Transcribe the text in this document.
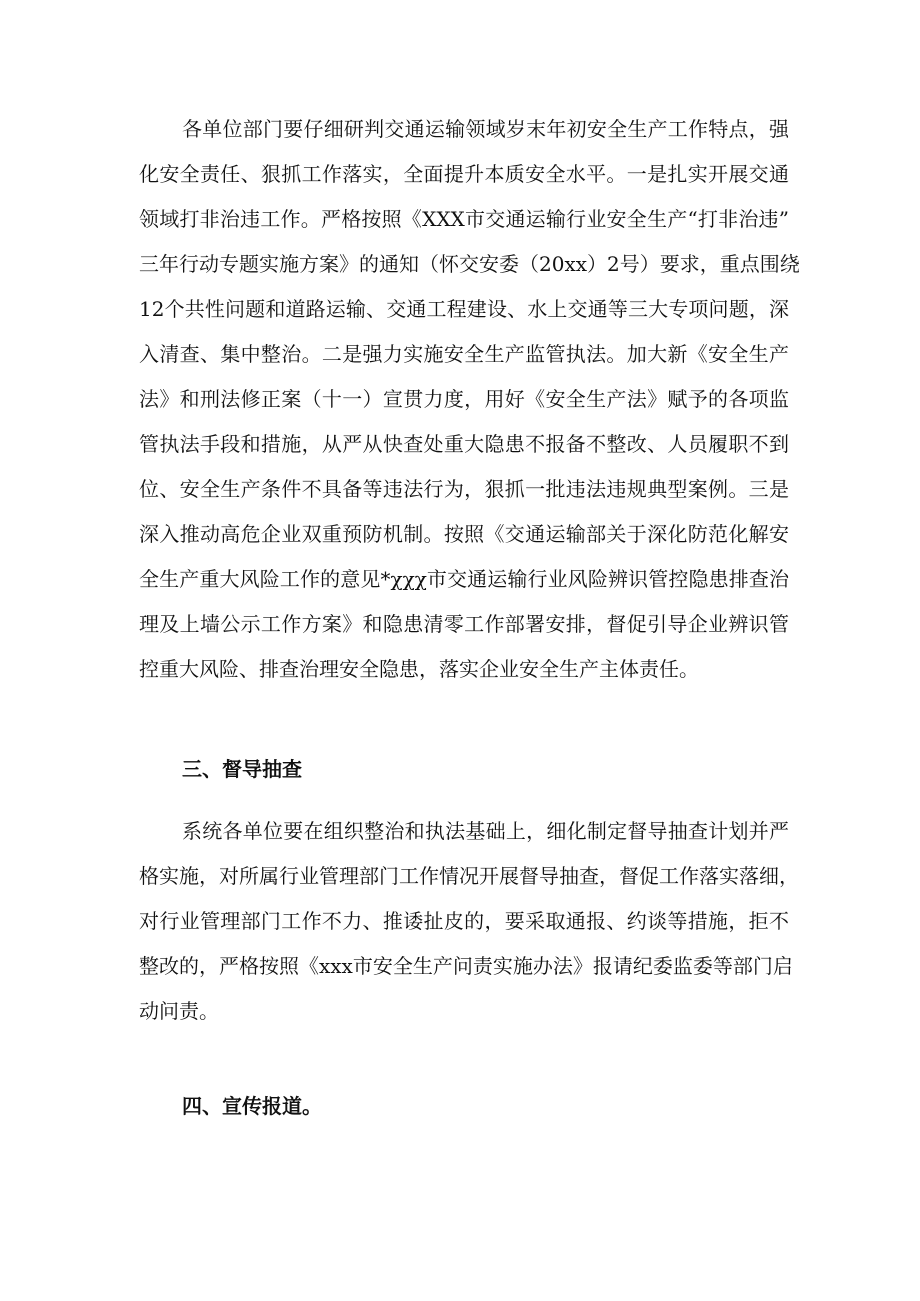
各单位部门要仔细研判交通运输领域岁末年初安全生产工作特点，强
化安全责任、狠抓工作落实，全面提升本质安全水平。一是扎实开展交通
领域打非治违工作。严格按照《XXX市交通运输行业安全生产“打非治违”
三年行动专题实施方案》的通知（怀交安委（20xx）2号）要求，重点围绕
12个共性问题和道路运输、交通工程建设、水上交通等三大专项问题，深
入清查、集中整治。二是强力实施安全生产监管执法。加大新《安全生产
法》和刑法修正案（十一）宣贯力度，用好《安全生产法》赋予的各项监
管执法手段和措施，从严从快查处重大隐患不报备不整改、人员履职不到
位、安全生产条件不具备等违法行为，狠抓一批违法违规典型案例。三是
深入推动高危企业双重预防机制。按照《交通运输部关于深化防范化解安
全生产重大风险工作的意见*χχχ市交通运输行业风险辨识管控隐患排查治
理及上墙公示工作方案》和隐患清零工作部署安排，督促引导企业辨识管
控重大风险、排查治理安全隐患，落实企业安全生产主体责任。
三、督导抽查
系统各单位要在组织整治和执法基础上，细化制定督导抽查计划并严
格实施，对所属行业管理部门工作情况开展督导抽查，督促工作落实落细，
对行业管理部门工作不力、推诿扯皮的，要采取通报、约谈等措施，拒不
整改的，严格按照《xxx市安全生产问责实施办法》报请纪委监委等部门启
动问责。
四、宣传报道。
